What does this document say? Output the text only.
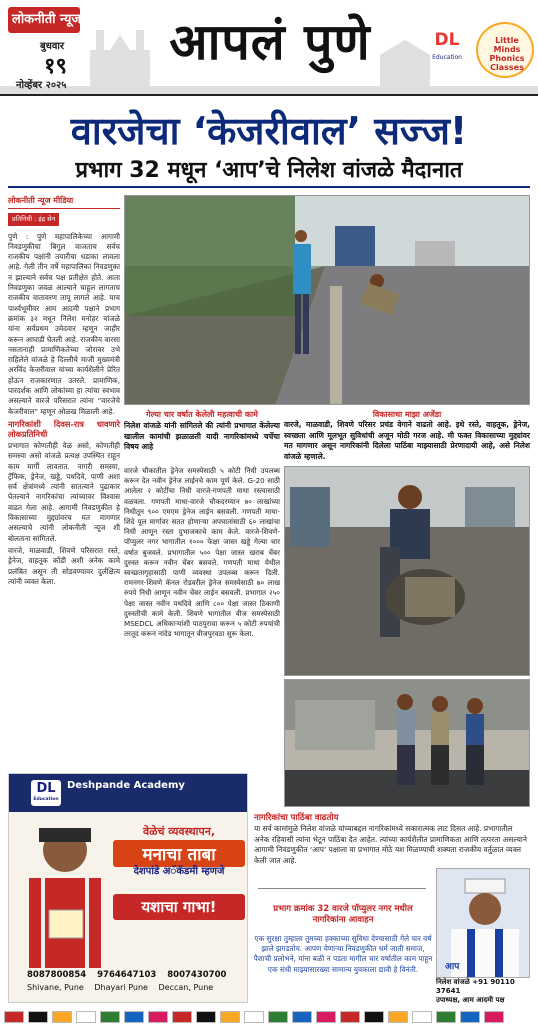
लोकनीती न्यूज
बुधवार
१९
नोव्हेंबर २०२५
आपलं पुणे	DL
Education
Little Minds Phonics Classes
वारजेचा ‘केजरीवाल’ सज्ज!
प्रभाग 32 मधून ‘आप’चे निलेश वांजळे मैदानात
लोकनीती न्यूज मीडिया
प्रतिनिधी : इंद्र सेन

पुणे : पुणे महापालिकेच्या आगामी निवडणुकीचा बिगुल वाजताच सर्वच राजकीय पक्षांनी तयारीचा धडाका लावला आहे. गेली तीन वर्षे महापालिका निवडणुका न झाल्याने सर्वच पक्ष प्रतीक्षेत होते. आता निवडणुका जवळ आल्याने चाहूल लागताच राजकीय वातावरण तापू लागले आहे. याच पार्श्वभूमीवर आम आदमी पक्षाने प्रभाग क्रमांक ३२ मधून निलेश मनोहर वांजळे यांना सर्वप्रथम उमेदवार म्हणून जाहीर करून आघाडी घेतली आहे. राजकीय वारसा नसतानाही प्रामाणिकतेच्या जोरावर उभे राहिलेले वांजळे हे दिल्लीचे माजी मुख्यमंत्री अरविंद केजरीवाल यांच्या कार्यशैलीने प्रेरित होऊन राजकारणात उतरले. प्रामाणिक, पारदर्शक आणि लोकांच्या हा त्यांचा स्वभाव असल्याने वारजे परिसरात त्यांना “वारजेचे केजरीवाल” म्हणून ओळख मिळाली आहे.

नागरिकांशी दिवस-रात्र धावणारे लोकप्रतिनिधी

प्रभागात कोणतीही वेळ असो, कोणतीही समस्या असो वांजळे प्रत्यक्ष उपस्थित राहून काम मार्गी लावतात. नागरी समस्या, ट्रॅफिक, ड्रेनेज, खड्डे, पथदिवे, पाणी अशा सर्व क्षेत्रांमध्ये त्यांनी सातत्याने पुढाकार घेतल्याने नागरिकांचा त्यांच्यावर विश्वास वाढत गेला आहे. आगामी निवडणुकीत हे विकासाच्या मुद्द्यांवरच मत मागणार असल्याचे त्यांनी लोकनीती न्यूज शी बोलताना सांगितले.

वारजे, माळवाडी, शिवणे परिसरात रस्ते, ड्रेनेज, वाहतूक कोंडी अशी अनेक कामे प्रलंबित असून ती सोडवण्यावर दुर्लक्षित्य त्यांनी व्यक्त केला.

गेल्या चार वर्षात केलेली महत्वाची कामे
निलेश वांजळे यांनी सांगितले की त्यांनी प्रभागात केलेल्या खालील कामांची झळाळती यादी नागरिकांमध्ये चर्चेचा विषय आहे
वारजे चौकातील ड्रेनेज समस्येसाठी ५ कोटी निधी उपलब्ध करून देत नवीन ड्रेनेज लाईनचे काम पूर्ण केले. G-20 साठी आलेला २ कोटींचा निधी वारजे-गणपती माथा रस्त्यासाठी वळवला. गणपती माथा-वारजे चौकदरम्यान ७० लाखांच्या निधीतून ९०० एमएम ड्रेनेज लाईन बसवली. गणपती माथा-शिंदे पूल मार्गावर सतत होणाऱ्या अपघातांसाठी ६० लाखांचा निधी आणून रस्ता दुभाजकाचे काम केले. वारजे-शिवणे-पॉप्युलर नगर भागातील १००० फेक्षा जास्त खड्डे गेल्या चार वर्षात बुजवले. प्रभागातील ५०० पेक्षा जास्त खराब चेंबर दुरुस्त करून नवीन चेंबर बसवले. गणपती माथा येथील स्वच्छतागृहासाठी पाणी व्यवस्था उपलब्ध करून दिली. रामनगर-शिवणे कॅनल रोडवरील ड्रेनेज समस्येसाठी ७० लाख रुपये निधी आणून नवीन चेंबर लाईन बसवली. प्रभागात २५० पेक्षा जास्त नवीन पथदिवे आणि ८०० पेक्षा जास्त ठिकाणी दुरुस्तीची कामे केली. शिवणे भागातील वीज समस्येसाठी MSEDCL अधिकाऱ्यांशी पाठपुरावा करून ५ कोटी रुपयांची तरतूद करून नांदेड भागातून वीजपुरवठा सुरू केला.
विकासाचा माझा अजेंडा
वारजे, माळवाडी, शिवणे परिसर प्रचंड वेगाने वाढतो आहे. इथे रस्ते, वाहतूक, ड्रेनेज, स्वच्छता आणि मूलभूत सुविधांची अजून मोठी गरज आहे. मी फक्त विकासाच्या मुद्द्यांवर मत मागणार असून नागरिकांनी दिलेला पाठिंबा माझ्यासाठी प्रेरणादायी आहे, असे निलेश वांजळे म्हणाले.
नागरिकांचा पाठिंबा वाढतोय
या सर्व कामांमुळे निलेश वांजळे यांच्याबद्दल नागरिकांमध्ये सकारात्मक लाट दिसत आहे. प्रभागातील अनेक रहिवासी त्यांना भेटून पाठिंबा देत आहेत. त्यांच्या कार्यशैलीत प्रामाणिकता आणि तत्परता असल्याने आगामी निवडणुकीत ‘आप’ पक्षाला या प्रभागात मोठे यश मिळण्याची शक्यता राजकीय वर्तुळात व्यक्त केली जात आहे.
प्रभाग क्रमांक 32 वारजे पॉप्युलर नगर मधील नागरिकांना आवाहन
एक सुरक्षा तुम्हाला तुमच्या हक्काच्या सुविधा देण्यासाठी गेले चार वर्ष झाले झगडतोय. आपण येणाऱ्या निवडणुकीत धर्म जाती समाज, पैशाची प्रलोभने, यांना बळी न पडता मागील चार वर्षातील काम पाहून एक संधी माझ्यासारख्या सामान्य युवकाला द्यावी हे विनंती.	आप
निलेश वांजळे +91 90110 37641
उपाध्यक्ष, आम आदमी पक्ष
DL
Education
Deshpande Academy
वेळेचं व्यवस्थापन,
मनाचा ताबा
देशपांडे अॅकॅडमी म्हणजे
यशाचा गाभा!
8087800854 9764647103 8007430700
Shivane, Pune Dhayari Pune Deccan, Pune
